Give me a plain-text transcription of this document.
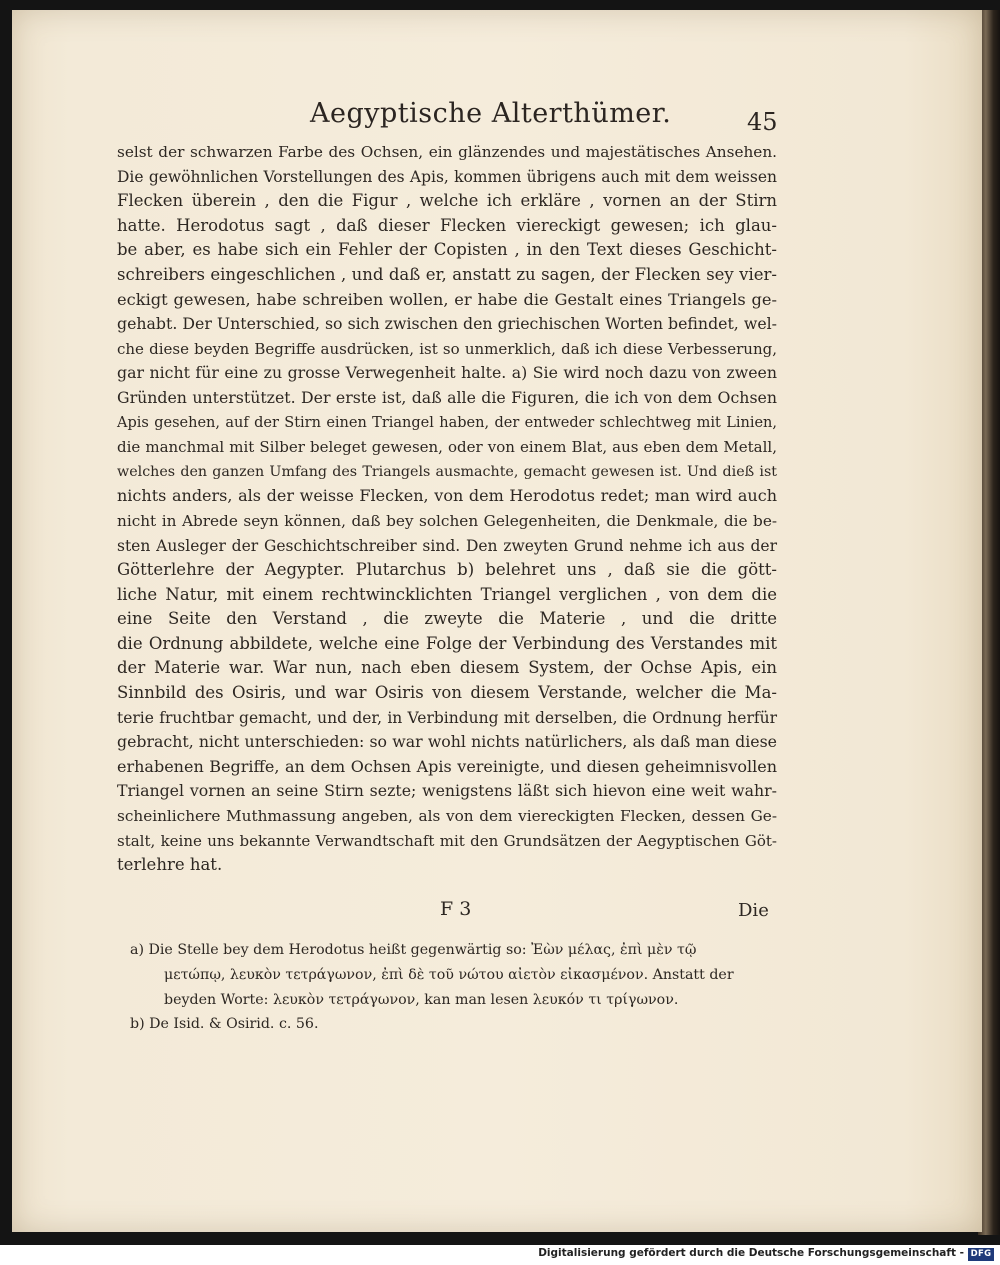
Aegyptische Alterthümer.	45
selst der schwarzen Farbe des Ochsen, ein glänzendes und majestätisches Ansehen.
Die gewöhnlichen Vorstellungen des Apis, kommen übrigens auch mit dem weissen
Flecken überein , den die Figur , welche ich erkläre , vornen an der Stirn
hatte. Herodotus sagt , daß dieser Flecken viereckigt gewesen; ich glau-
be aber, es habe sich ein Fehler der Copisten , in den Text dieses Geschicht-
schreibers eingeschlichen , und daß er, anstatt zu sagen, der Flecken sey vier-
eckigt gewesen, habe schreiben wollen, er habe die Gestalt eines Triangels ge-
gehabt. Der Unterschied, so sich zwischen den griechischen Worten befindet, wel-
che diese beyden Begriffe ausdrücken, ist so unmerklich, daß ich diese Verbesserung,
gar nicht für eine zu grosse Verwegenheit halte. a) Sie wird noch dazu von zween
Gründen unterstützet. Der erste ist, daß alle die Figuren, die ich von dem Ochsen
Apis gesehen, auf der Stirn einen Triangel haben, der entweder schlechtweg mit Linien,
die manchmal mit Silber beleget gewesen, oder von einem Blat, aus eben dem Metall,
welches den ganzen Umfang des Triangels ausmachte, gemacht gewesen ist. Und dieß ist
nichts anders, als der weisse Flecken, von dem Herodotus redet; man wird auch
nicht in Abrede seyn können, daß bey solchen Gelegenheiten, die Denkmale, die be-
sten Ausleger der Geschichtschreiber sind. Den zweyten Grund nehme ich aus der
Götterlehre der Aegypter. Plutarchus b) belehret uns , daß sie die gött-
liche Natur, mit einem rechtwincklichten Triangel verglichen , von dem die
eine Seite den Verstand , die zweyte die Materie , und die dritte
die Ordnung abbildete, welche eine Folge der Verbindung des Verstandes mit
der Materie war. War nun, nach eben diesem System, der Ochse Apis, ein
Sinnbild des Osiris, und war Osiris von diesem Verstande, welcher die Ma-
terie fruchtbar gemacht, und der, in Verbindung mit derselben, die Ordnung herfür
gebracht, nicht unterschieden: so war wohl nichts natürlichers, als daß man diese
erhabenen Begriffe, an dem Ochsen Apis vereinigte, und diesen geheimnisvollen
Triangel vornen an seine Stirn sezte; wenigstens läßt sich hievon eine weit wahr-
scheinlichere Muthmassung angeben, als von dem viereckigten Flecken, dessen Ge-
stalt, keine uns bekannte Verwandtschaft mit den Grundsätzen der Aegyptischen Göt-
terlehre hat.
F 3	Die
a) Die Stelle bey dem Herodotus heißt gegenwärtig so: Ἐὼν μέλας, ἐπὶ μὲν τῷ
μετώπῳ, λευκὸν τετράγωνον, ἐπὶ δὲ τοῦ νώτου αἰετὸν εἰκασμένον. Anstatt der
beyden Worte: λευκὸν τετράγωνον, kan man lesen λευκόν τι τρίγωνον.
b) De Isid. & Osirid. c. 56.
Digitalisierung gefördert durch die Deutsche Forschungsgemeinschaft - DFG
